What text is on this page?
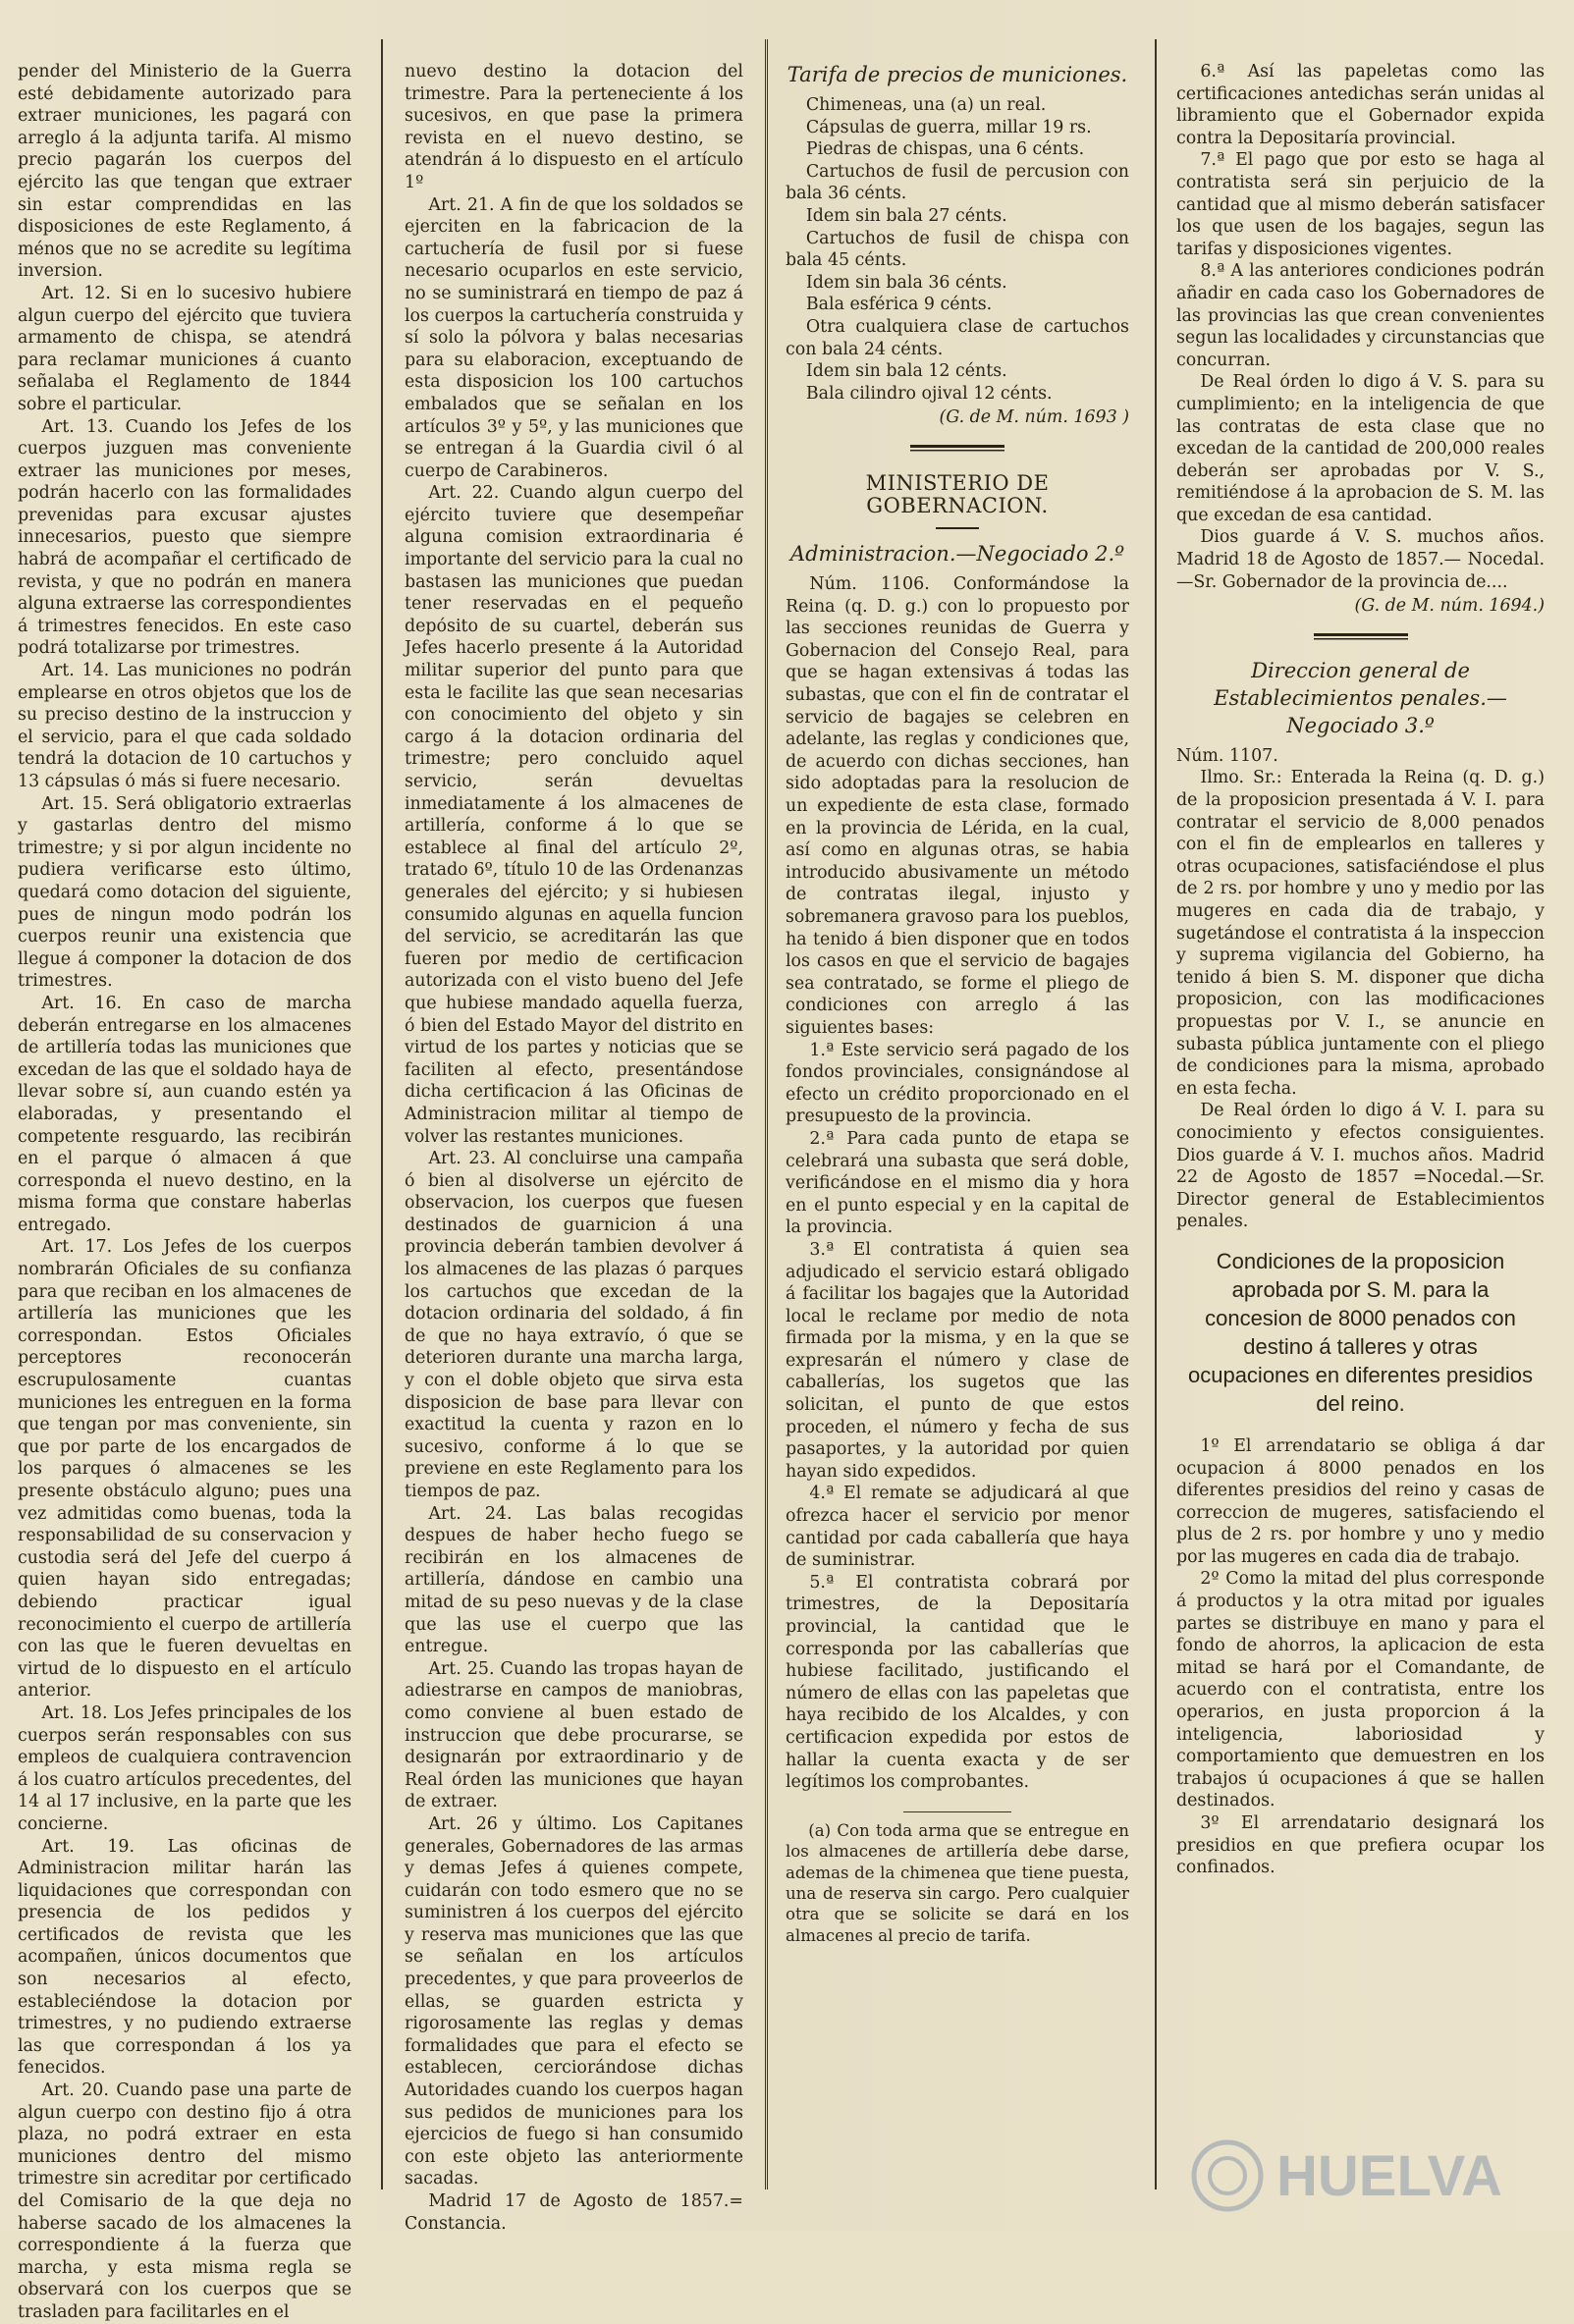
pender del Ministerio de la Guerra esté debidamente autorizado para extraer municiones, les pagará con arreglo á la adjunta tarifa. Al mismo precio pagarán los cuerpos del ejército las que tengan que extraer sin estar comprendidas en las disposiciones de este Reglamento, á ménos que no se acredite su legítima inversion.

Art. 12. Si en lo sucesivo hubiere algun cuerpo del ejército que tuviera armamento de chispa, se atendrá para reclamar municiones á cuanto señalaba el Reglamento de 1844 sobre el particular.

Art. 13. Cuando los Jefes de los cuerpos juzguen mas conveniente extraer las municiones por meses, podrán hacerlo con las formalidades prevenidas para excusar ajustes innecesarios, puesto que siempre habrá de acompañar el certificado de revista, y que no podrán en manera alguna extraerse las correspondientes á trimestres fenecidos. En este caso podrá totalizarse por trimestres.

Art. 14. Las municiones no podrán emplearse en otros objetos que los de su preciso destino de la instruccion y el servicio, para el que cada soldado tendrá la dotacion de 10 cartuchos y 13 cápsulas ó más si fuere necesario.

Art. 15. Será obligatorio extraerlas y gastarlas dentro del mismo trimestre; y si por algun incidente no pudiera verificarse esto último, quedará como dotacion del siguiente, pues de ningun modo podrán los cuerpos reunir una existencia que llegue á componer la dotacion de dos trimestres.

Art. 16. En caso de marcha deberán entregarse en los almacenes de artillería todas las municiones que excedan de las que el soldado haya de llevar sobre sí, aun cuando estén ya elaboradas, y presentando el competente resguardo, las recibirán en el parque ó almacen á que corresponda el nuevo destino, en la misma forma que constare haberlas entregado.

Art. 17. Los Jefes de los cuerpos nombrarán Oficiales de su confianza para que reciban en los almacenes de artillería las municiones que les correspondan. Estos Oficiales perceptores reconocerán escrupulosamente cuantas municiones les entreguen en la forma que tengan por mas conveniente, sin que por parte de los encargados de los parques ó almacenes se les presente obstáculo alguno; pues una vez admitidas como buenas, toda la responsabilidad de su conservacion y custodia será del Jefe del cuerpo á quien hayan sido entregadas; debiendo practicar igual reconocimiento el cuerpo de artillería con las que le fueren devueltas en virtud de lo dispuesto en el artículo anterior.

Art. 18. Los Jefes principales de los cuerpos serán responsables con sus empleos de cualquiera contravencion á los cuatro artículos precedentes, del 14 al 17 inclusive, en la parte que les concierne.

Art. 19. Las oficinas de Administracion militar harán las liquidaciones que correspondan con presencia de los pedidos y certificados de revista que les acompañen, únicos documentos que son necesarios al efecto, estableciéndose la dotacion por trimestres, y no pudiendo extraerse las que correspondan á los ya fenecidos.

Art. 20. Cuando pase una parte de algun cuerpo con destino fijo á otra plaza, no podrá extraer en esta municiones dentro del mismo trimestre sin acreditar por certificado del Comisario de la que deja no haberse sacado de los almacenes la correspondiente á la fuerza que marcha, y esta misma regla se observará con los cuerpos que se trasladen para facilitarles en el

nuevo destino la dotacion del trimestre. Para la perteneciente á los sucesivos, en que pase la primera revista en el nuevo destino, se atendrán á lo dispuesto en el artículo 1º

Art. 21. A fin de que los soldados se ejerciten en la fabricacion de la cartuchería de fusil por si fuese necesario ocuparlos en este servicio, no se suministrará en tiempo de paz á los cuerpos la cartuchería construida y sí solo la pólvora y balas necesarias para su elaboracion, exceptuando de esta disposicion los 100 cartuchos embalados que se señalan en los artículos 3º y 5º, y las municiones que se entregan á la Guardia civil ó al cuerpo de Carabineros.

Art. 22. Cuando algun cuerpo del ejército tuviere que desempeñar alguna comision extraordinaria é importante del servicio para la cual no bastasen las municiones que puedan tener reservadas en el pequeño depósito de su cuartel, deberán sus Jefes hacerlo presente á la Autoridad militar superior del punto para que esta le facilite las que sean necesarias con conocimiento del objeto y sin cargo á la dotacion ordinaria del trimestre; pero concluido aquel servicio, serán devueltas inmediatamente á los almacenes de artillería, conforme á lo que se establece al final del artículo 2º, tratado 6º, título 10 de las Ordenanzas generales del ejército; y si hubiesen consumido algunas en aquella funcion del servicio, se acreditarán las que fueren por medio de certificacion autorizada con el visto bueno del Jefe que hubiese mandado aquella fuerza, ó bien del Estado Mayor del distrito en virtud de los partes y noticias que se faciliten al efecto, presentándose dicha certificacion á las Oficinas de Administracion militar al tiempo de volver las restantes municiones.

Art. 23. Al concluirse una campaña ó bien al disolverse un ejército de observacion, los cuerpos que fuesen destinados de guarnicion á una provincia deberán tambien devolver á los almacenes de las plazas ó parques los cartuchos que excedan de la dotacion ordinaria del soldado, á fin de que no haya extravío, ó que se deterioren durante una marcha larga, y con el doble objeto que sirva esta disposicion de base para llevar con exactitud la cuenta y razon en lo sucesivo, conforme á lo que se previene en este Reglamento para los tiempos de paz.

Art. 24. Las balas recogidas despues de haber hecho fuego se recibirán en los almacenes de artillería, dándose en cambio una mitad de su peso nuevas y de la clase que las use el cuerpo que las entregue.

Art. 25. Cuando las tropas hayan de adiestrarse en campos de maniobras, como conviene al buen estado de instruccion que debe procurarse, se designarán por extraordinario y de Real órden las municiones que hayan de extraer.

Art. 26 y último. Los Capitanes generales, Gobernadores de las armas y demas Jefes á quienes compete, cuidarán con todo esmero que no se suministren á los cuerpos del ejército y reserva mas municiones que las que se señalan en los artículos precedentes, y que para proveerlos de ellas, se guarden estricta y rigorosamente las reglas y demas formalidades que para el efecto se establecen, cerciorándose dichas Autoridades cuando los cuerpos hagan sus pedidos de municiones para los ejercicios de fuego si han consumido con este objeto las anteriormente sacadas.

Madrid 17 de Agosto de 1857.= Constancia.

Tarifa de precios de municiones.
Chimeneas, una (a) un real.
Cápsulas de guerra, millar 19 rs.
Piedras de chispas, una 6 cénts.
Cartuchos de fusil de percusion con bala 36 cénts.
Idem sin bala 27 cénts.
Cartuchos de fusil de chispa con bala 45 cénts.
Idem sin bala 36 cénts.
Bala esférica 9 cénts.
Otra cualquiera clase de cartuchos con bala 24 cénts.
Idem sin bala 12 cénts.
Bala cilindro ojival 12 cénts.
(G. de M. núm. 1693 )
MINISTERIO DE GOBERNACION.
Administracion.—Negociado 2.º

Núm. 1106. Conformándose la Reina (q. D. g.) con lo propuesto por las secciones reunidas de Guerra y Gobernacion del Consejo Real, para que se hagan extensivas á todas las subastas, que con el fin de contratar el servicio de bagajes se celebren en adelante, las reglas y condiciones que, de acuerdo con dichas secciones, han sido adoptadas para la resolucion de un expediente de esta clase, formado en la provincia de Lérida, en la cual, así como en algunas otras, se habia introducido abusivamente un método de contratas ilegal, injusto y sobremanera gravoso para los pueblos, ha tenido á bien disponer que en todos los casos en que el servicio de bagajes sea contratado, se forme el pliego de condiciones con arreglo á las siguientes bases:

1.ª Este servicio será pagado de los fondos provinciales, consignándose al efecto un crédito proporcionado en el presupuesto de la provincia.

2.ª Para cada punto de etapa se celebrará una subasta que será doble, verificándose en el mismo dia y hora en el punto especial y en la capital de la provincia.

3.ª El contratista á quien sea adjudicado el servicio estará obligado á facilitar los bagajes que la Autoridad local le reclame por medio de nota firmada por la misma, y en la que se expresarán el número y clase de caballerías, los sugetos que las solicitan, el punto de que estos proceden, el número y fecha de sus pasaportes, y la autoridad por quien hayan sido expedidos.

4.ª El remate se adjudicará al que ofrezca hacer el servicio por menor cantidad por cada caballería que haya de suministrar.

5.ª El contratista cobrará por trimestres, de la Depositaría provincial, la cantidad que le corresponda por las caballerías que hubiese facilitado, justificando el número de ellas con las papeletas que haya recibido de los Alcaldes, y con certificacion expedida por estos de hallar la cuenta exacta y de ser legítimos los comprobantes.

(a) Con toda arma que se entregue en los almacenes de artillería debe darse, ademas de la chimenea que tiene puesta, una de reserva sin cargo. Pero cualquier otra que se solicite se dará en los almacenes al precio de tarifa.

6.ª Así las papeletas como las certificaciones antedichas serán unidas al libramiento que el Gobernador expida contra la Depositaría provincial.

7.ª El pago que por esto se haga al contratista será sin perjuicio de la cantidad que al mismo deberán satisfacer los que usen de los bagajes, segun las tarifas y disposiciones vigentes.

8.ª A las anteriores condiciones podrán añadir en cada caso los Gobernadores de las provincias las que crean convenientes segun las localidades y circunstancias que concurran.

De Real órden lo digo á V. S. para su cumplimiento; en la inteligencia de que las contratas de esta clase que no excedan de la cantidad de 200,000 reales deberán ser aprobadas por V. S., remitiéndose á la aprobacion de S. M. las que excedan de esa cantidad.

Dios guarde á V. S. muchos años. Madrid 18 de Agosto de 1857.— Nocedal.—Sr. Gobernador de la provincia de....

(G. de M. núm. 1694.)
Direccion general de Establecimientos penales.—Negociado 3.º

Núm. 1107.

Ilmo. Sr.: Enterada la Reina (q. D. g.) de la proposicion presentada á V. I. para contratar el servicio de 8,000 penados con el fin de emplearlos en talleres y otras ocupaciones, satisfaciéndose el plus de 2 rs. por hombre y uno y medio por las mugeres en cada dia de trabajo, y sugetándose el contratista á la inspeccion y suprema vigilancia del Gobierno, ha tenido á bien S. M. disponer que dicha proposicion, con las modificaciones propuestas por V. I., se anuncie en subasta pública juntamente con el pliego de condiciones para la misma, aprobado en esta fecha.

De Real órden lo digo á V. I. para su conocimiento y efectos consiguientes. Dios guarde á V. I. muchos años. Madrid 22 de Agosto de 1857 =Nocedal.—Sr. Director general de Establecimientos penales.

Condiciones de la proposicion aprobada por S. M. para la concesion de 8000 penados con destino á talleres y otras ocupaciones en diferentes presidios del reino.

1º El arrendatario se obliga á dar ocupacion á 8000 penados en los diferentes presidios del reino y casas de correccion de mugeres, satisfaciendo el plus de 2 rs. por hombre y uno y medio por las mugeres en cada dia de trabajo.

2º Como la mitad del plus corresponde á productos y la otra mitad por iguales partes se distribuye en mano y para el fondo de ahorros, la aplicacion de esta mitad se hará por el Comandante, de acuerdo con el contratista, entre los operarios, en justa proporcion á la inteligencia, laboriosidad y comportamiento que demuestren en los trabajos ú ocupaciones á que se hallen destinados.

3º El arrendatario designará los presidios en que prefiera ocupar los confinados.

HUELVA
